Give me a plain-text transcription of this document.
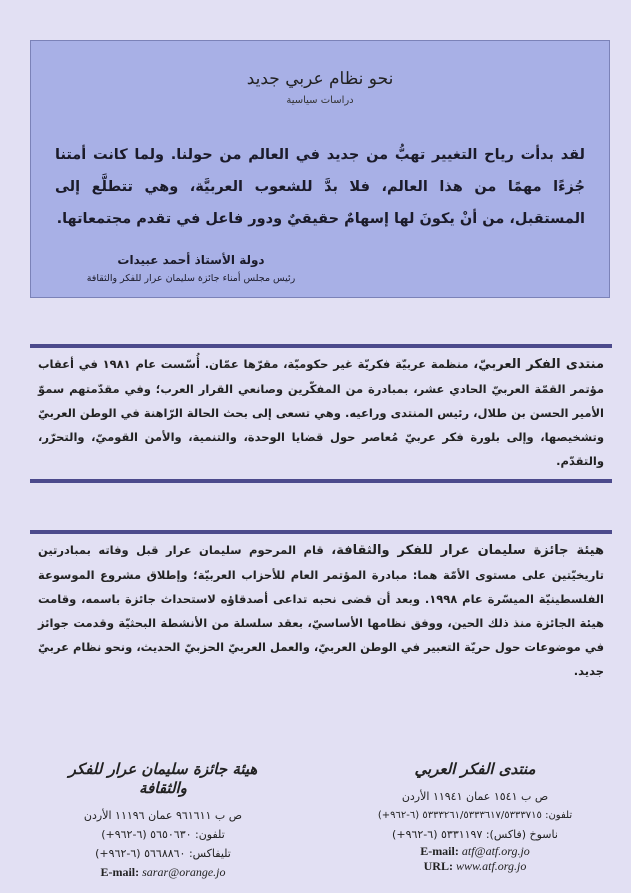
نحو نظام عربي جديد
دراسات سياسية
لقد بدأت رياح التغيير تهبُّ من جديد في العالم من حولنا. ولما كانت أمتنا جُزءًا مهمًا من هذا العالم، فلا بدَّ للشعوب العربيَّة، وهي تتطلَّع إلى المستقبل، من أنْ يكونَ لها إسهامٌ حقيقيٌ ودور فاعل في تقدم مجتمعاتها.
دولة الأستاذ أحمد عبيدات
رئيس مجلس أمناء جائزة سليمان عرار للفكر والثقافة
منتدى الفكر العربيّ، منظمة عربيّة فكريّة غير حكوميّة، مقرّها عمّان. أُسّست عام ١٩٨١ في أعقاب مؤتمر القمّة العربيّ الحادي عشر، بمبادرة من المفكّرين وصانعي القرار العرب؛ وفي مقدّمتهم سموّ الأمير الحسن بن طلال، رئيس المنتدى وراعيه. وهي تسعى إلى بحث الحالة الرّاهنة في الوطن العربيّ وتشخيصها، وإلى بلورة فكر عربيّ مُعاصر حول قضايا الوحدة، والتنمية، والأمن القوميّ، والتحرّر، والتقدّم.
هيئة جائزة سليمان عرار للفكر والثقافة، قام المرحوم سليمان عرار قبل وفاته بمبادرتين تاريخيّتين على مستوى الأمّة هما: مبادرة المؤتمر العام للأحزاب العربيّة؛ وإطلاق مشروع الموسوعة الفلسطينيّة الميسّرة عام ١٩٩٨. وبعد أن قضى نحبه تداعى أصدقاؤه لاستحداث جائزة باسمه، وقامت هيئة الجائزة منذ ذلك الحين، ووفق نظامها الأساسيّ، بعقد سلسلة من الأنشطة البحثيّة وقدمت جوائز في موضوعات حول حريّة التعبير في الوطن العربيّ، والعمل العربيّ الحزبيّ الحديث، ونحو نظام عربيّ جديد.
هيئة جائزة سليمان عرار للفكر والثقافة
ص ب ٩٦١٦١١ عمان ١١١٩٦ الأردن
تلفون: ٥٦٥٠٦٣٠ (٦-٩٦٢+)
تليفاكس: ٥٦٦٨٨٦٠ (٦-٩٦٢+)
E-mail: sarar@orange.jo
منتدى الفكر العربي
ص ب ١٥٤١ عمان ١١٩٤١ الأردن
تلفون: ٥٣٣٣٢٦١/٥٣٣٣٦١٧/٥٣٣٣٧١٥ (٦-٩٦٢+)
ناسوخ (فاكس): ٥٣٣١١٩٧ (٦-٩٦٢+)
E-mail: atf@atf.org.jo
URL: www.atf.org.jo
